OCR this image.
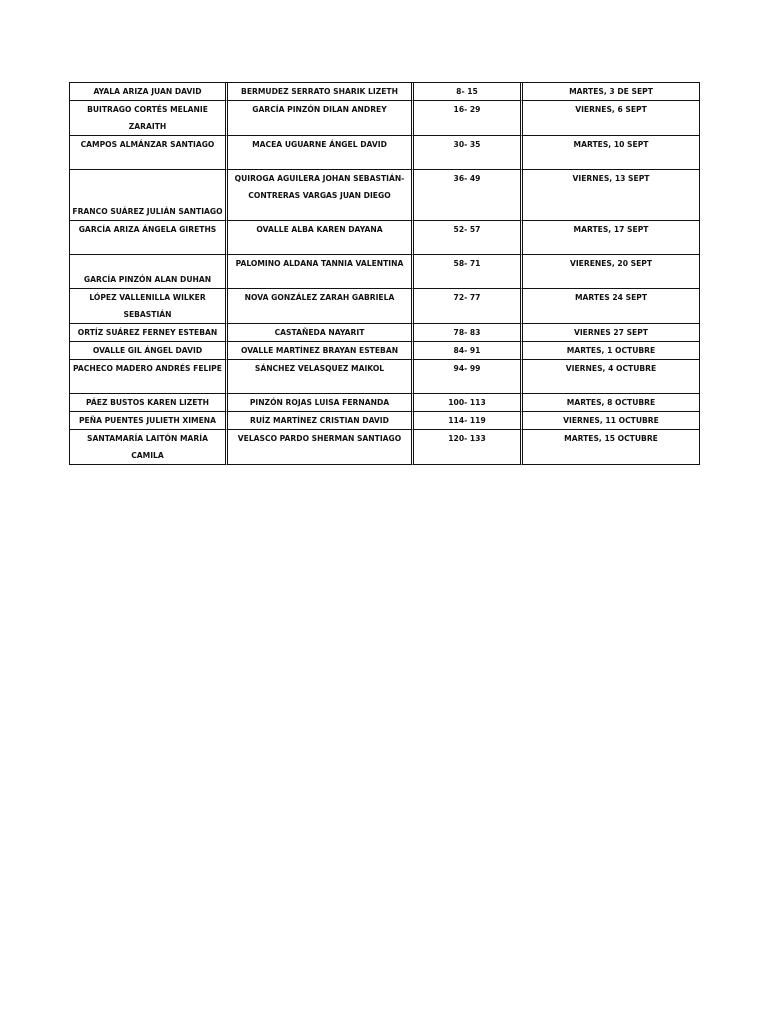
AYALA ARIZA JUAN DAVID	BERMUDEZ SERRATO SHARIK LIZETH	8- 15	MARTES, 3 DE SEPT
BUITRAGO CORTÉS MELANIE ZARAITH	GARCÍA PINZÓN DILAN ANDREY	16- 29	VIERNES, 6 SEPT
CAMPOS ALMÁNZAR SANTIAGO	MACEA UGUARNE ÁNGEL DAVID	30- 35	MARTES, 10 SEPT
FRANCO SUÁREZ JULIÁN SANTIAGO	QUIROGA AGUILERA JOHAN SEBASTIÁN- CONTRERAS VARGAS JUAN DIEGO	36- 49	VIERNES, 13 SEPT
GARCÍA ARIZA ÁNGELA GIRETHS	OVALLE ALBA KAREN DAYANA	52- 57	MARTES, 17 SEPT
GARCÍA PINZÓN ALAN DUHAN	PALOMINO ALDANA TANNIA VALENTINA	58- 71	VIERENES, 20 SEPT
LÓPEZ VALLENILLA WILKER SEBASTIÁN	NOVA GONZÁLEZ ZARAH GABRIELA	72- 77	MARTES 24 SEPT
ORTÍZ SUÁREZ FERNEY ESTEBAN	CASTAÑEDA NAYARIT	78- 83	VIERNES 27 SEPT
OVALLE GIL ÁNGEL DAVID	OVALLE MARTÍNEZ BRAYAN ESTEBAN	84- 91	MARTES, 1 OCTUBRE
PACHECO MADERO ANDRÉS FELIPE	SÁNCHEZ VELASQUEZ MAIKOL	94- 99	VIERNES, 4 OCTUBRE
PÁEZ BUSTOS KAREN LIZETH	PINZÓN ROJAS LUISA FERNANDA	100- 113	MARTES, 8 OCTUBRE
PEÑA PUENTES JULIETH XIMENA	RUÍZ MARTÍNEZ CRISTIAN DAVID	114- 119	VIERNES, 11 OCTUBRE
SANTAMARÍA LAITÓN MARÍA CAMILA	VELASCO PARDO SHERMAN SANTIAGO	120- 133	MARTES, 15 OCTUBRE
